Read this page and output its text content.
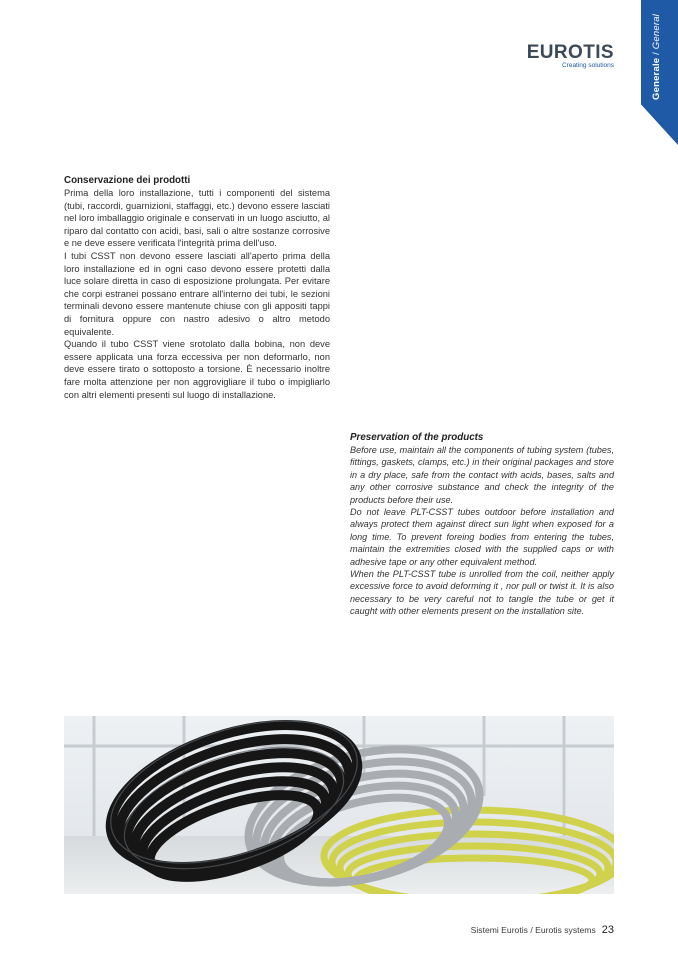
Generale / General
EUROTIS
Creating solutions

Conservazione dei prodotti

Prima della loro installazione, tutti i componenti del sistema (tubi, raccordi, guarnizioni, staffaggi, etc.) devono essere lasciati nel loro imballaggio originale e conservati in un luogo asciutto, al riparo dal contatto con acidi, basi, sali o altre sostanze corrosive e ne deve essere verificata l'integrità prima dell'uso.

I tubi CSST non devono essere lasciati all'aperto prima della loro installazione ed in ogni caso devono essere protetti dalla luce solare diretta in caso di esposizione prolungata. Per evitare che corpi estranei possano entrare all'interno dei tubi, le sezioni terminali devono essere mantenute chiuse con gli appositi tappi di fornitura oppure con nastro adesivo o altro metodo equivalente.

Quando il tubo CSST viene srotolato dalla bobina, non deve essere applicata una forza eccessiva per non deformarlo, non deve essere tirato o sottoposto a torsione. È necessario inoltre fare molta attenzione per non aggrovigliare il tubo o impigliarlo con altri elementi presenti sul luogo di installazione.

Preservation of the products

Before use, maintain all the components of tubing system (tubes, fittings, gaskets, clamps, etc.) in their original packages and store in a dry place, safe from the contact with acids, bases, salts and any other corrosive substance and check the integrity of the products before their use.

Do not leave PLT-CSST tubes outdoor before installation and always protect them against direct sun light when exposed for a long time. To prevent foreing bodies from entering the tubes, maintain the extremities closed with the supplied caps or with adhesive tape or any other equivalent method.

When the PLT-CSST tube is unrolled from the coil, neither apply excessive force to avoid deforming it , nor pull or twist it. It is also necessary to be very careful not to tangle the tube or get it caught with other elements present on the installation site.

Sistemi Eurotis / Eurotis systems 23
